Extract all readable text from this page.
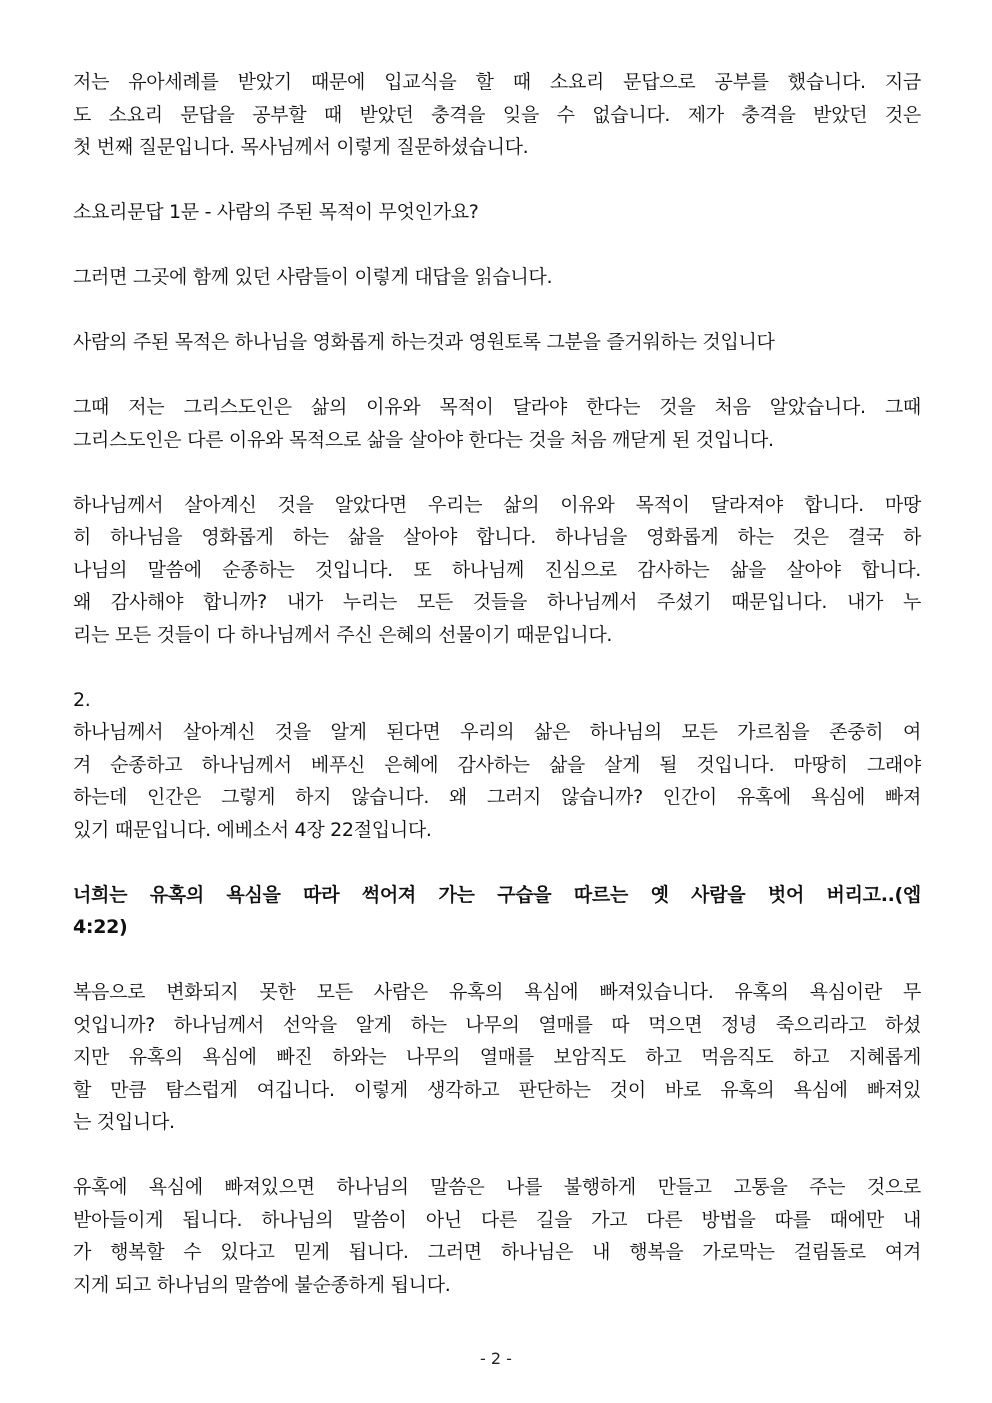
저는 유아세례를 받았기 때문에 입교식을 할 때 소요리 문답으로 공부를 했습니다. 지금
도 소요리 문답을 공부할 때 받았던 충격을 잊을 수 없습니다. 제가 충격을 받았던 것은
첫 번째 질문입니다. 목사님께서 이렇게 질문하셨습니다.

소요리문답 1문 - 사람의 주된 목적이 무엇인가요?

그러면 그곳에 함께 있던 사람들이 이렇게 대답을 읽습니다.

사람의 주된 목적은 하나님을 영화롭게 하는것과 영원토록 그분을 즐거워하는 것입니다

그때 저는 그리스도인은 삶의 이유와 목적이 달라야 한다는 것을 처음 알았습니다. 그때
그리스도인은 다른 이유와 목적으로 삶을 살아야 한다는 것을 처음 깨닫게 된 것입니다.

하나님께서 살아계신 것을 알았다면 우리는 삶의 이유와 목적이 달라져야 합니다. 마땅
히 하나님을 영화롭게 하는 삶을 살아야 합니다. 하나님을 영화롭게 하는 것은 결국 하
나님의 말씀에 순종하는 것입니다. 또 하나님께 진심으로 감사하는 삶을 살아야 합니다.
왜 감사해야 합니까? 내가 누리는 모든 것들을 하나님께서 주셨기 때문입니다. 내가 누
리는 모든 것들이 다 하나님께서 주신 은혜의 선물이기 때문입니다.

2.
하나님께서 살아계신 것을 알게 된다면 우리의 삶은 하나님의 모든 가르침을 존중히 여
겨 순종하고 하나님께서 베푸신 은혜에 감사하는 삶을 살게 될 것입니다. 마땅히 그래야
하는데 인간은 그렇게 하지 않습니다. 왜 그러지 않습니까? 인간이 유혹에 욕심에 빠져
있기 때문입니다. 에베소서 4장 22절입니다.

너희는 유혹의 욕심을 따라 썩어져 가는 구습을 따르는 옛 사람을 벗어 버리고..(엡
4:22)

복음으로 변화되지 못한 모든 사람은 유혹의 욕심에 빠져있습니다. 유혹의 욕심이란 무
엇입니까? 하나님께서 선악을 알게 하는 나무의 열매를 따 먹으면 정녕 죽으리라고 하셨
지만 유혹의 욕심에 빠진 하와는 나무의 열매를 보암직도 하고 먹음직도 하고 지혜롭게
할 만큼 탐스럽게 여깁니다. 이렇게 생각하고 판단하는 것이 바로 유혹의 욕심에 빠져있
는 것입니다.

유혹에 욕심에 빠져있으면 하나님의 말씀은 나를 불행하게 만들고 고통을 주는 것으로
받아들이게 됩니다. 하나님의 말씀이 아닌 다른 길을 가고 다른 방법을 따를 때에만 내
가 행복할 수 있다고 믿게 됩니다. 그러면 하나님은 내 행복을 가로막는 걸림돌로 여겨
지게 되고 하나님의 말씀에 불순종하게 됩니다.

- 2 -
